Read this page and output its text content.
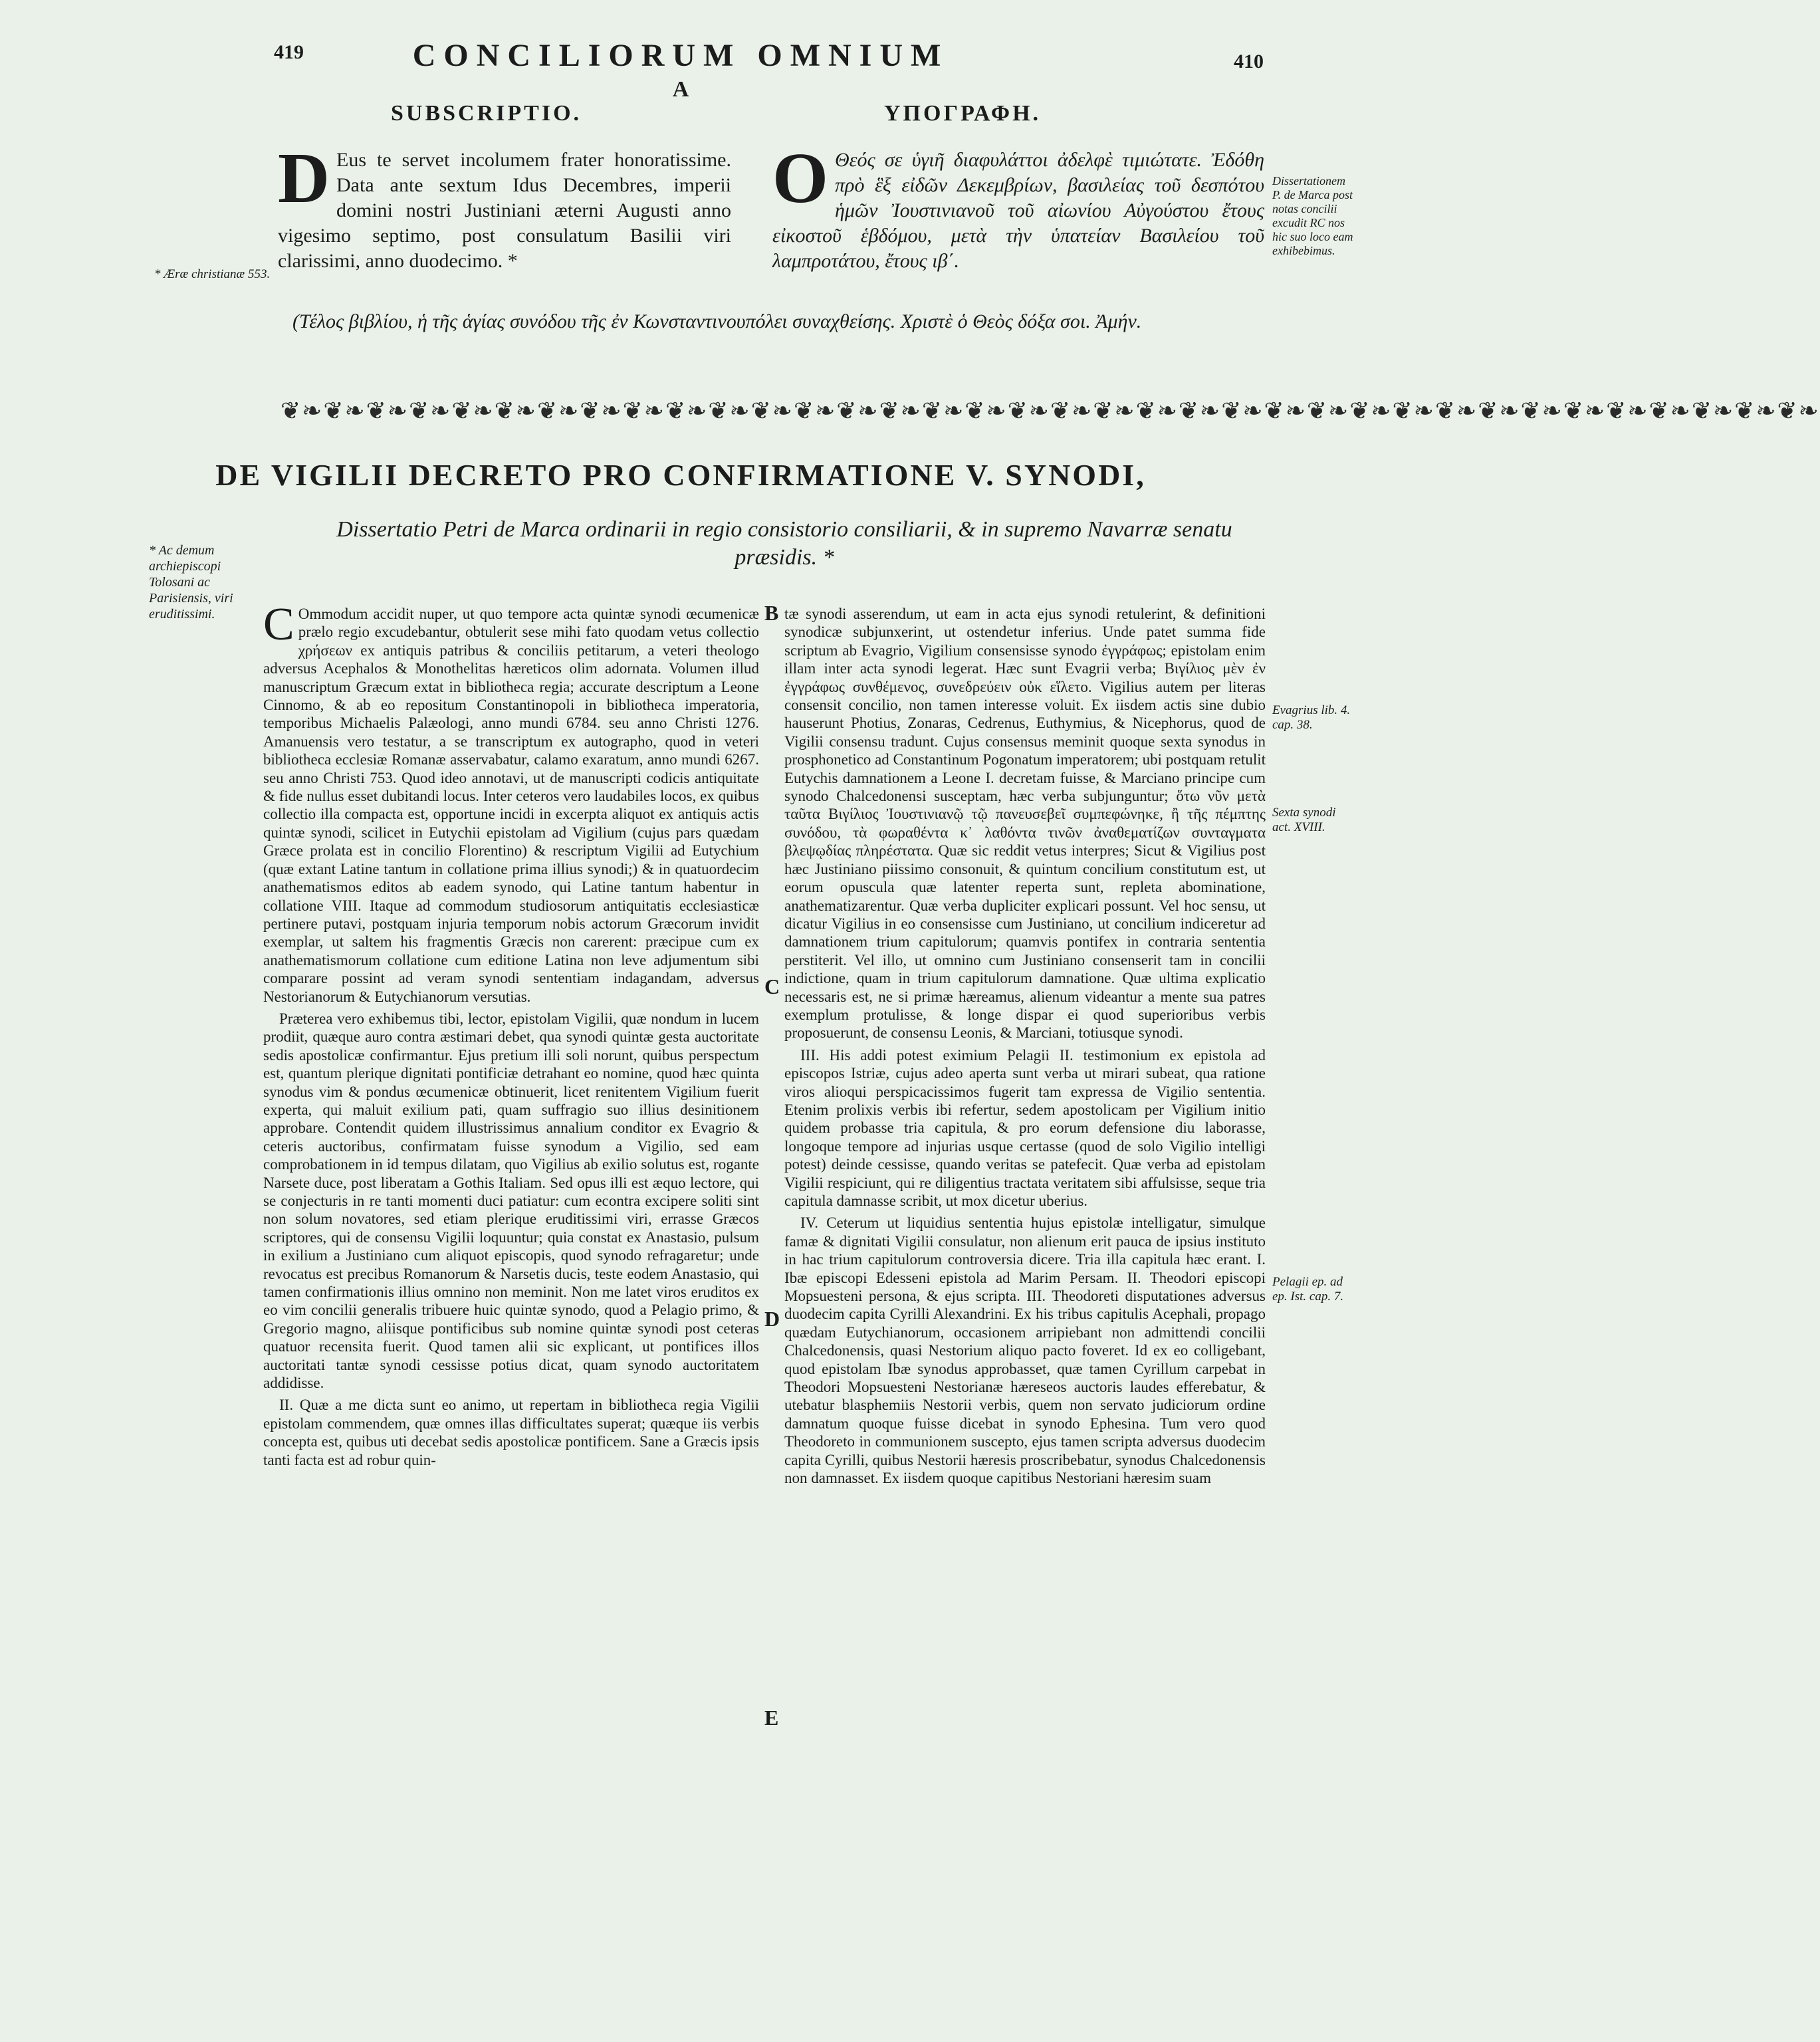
419	CONCILIORUM OMNIUM	410
A
SUBSCRIPTIO.	ΥΠΟΓΡΑΦΗ.
* Æræ christianæ 553.
D Eus te servet incolumem frater honoratissime. Data ante sextum Idus Decembres, imperii domini nostri Justiniani æterni Augusti anno vigesimo septimo, post consulatum Basilii viri clarissimi, anno duodecimo. *
Ο Θεός σε ὑγιῆ διαφυλάττοι ἀδελφὲ τιμιώτατε. Ἐδόθη πρὸ ἓξ εἰδῶν Δεκεμβρίων, βασιλείας τοῦ δεσπότου ἡμῶν Ἰουστινιανοῦ τοῦ αἰωνίου Αὐγούστου ἔτους εἰκοστοῦ ἑβδόμου, μετὰ τὴν ὑπατείαν Βασιλείου τοῦ λαμπροτάτου, ἔτους ιβ΄.
Dissertationem P. de Marca post notas concilii excudit RC nos hic suo loco eam exhibebimus.
(Τέλος βιβλίου, ἡ τῆς ἁγίας συνόδου τῆς ἐν Κωνσταντινουπόλει συναχθείσης. Χριστὲ ὁ Θεὸς δόξα σοι. Ἀμήν.
❦❧❦❧❦❧❦❧❦❧❦❧❦❧❦❧❦❧❦❧❦❧❦❧❦❧❦❧❦❧❦❧❦❧❦❧❦❧❦❧❦❧❦❧❦❧❦❧❦❧❦❧❦❧❦❧❦❧❦❧❦❧❦❧❦❧❦❧❦❧❦❧
DE VIGILII DECRETO PRO CONFIRMATIONE V. SYNODI,
* Ac demum archiepiscopi Tolosani ac Parisiensis, viri eruditissimi.
Dissertatio Petri de Marca ordinarii in regio consistorio consiliarii, & in supremo Navarræ senatu præsidis. *

C Ommodum accidit nuper, ut quo tempore acta quintæ synodi œcumenicæ prælo regio excudebantur, obtulerit sese mihi fato quodam vetus collectio χρήσεων ex antiquis patribus & conciliis petitarum, a veteri theologo adversus Acephalos & Monothelitas hæreticos olim adornata. Volumen illud manuscriptum Græcum extat in bibliotheca regia; accurate descriptum a Leone Cinnomo, & ab eo repositum Constantinopoli in bibliotheca imperatoria, temporibus Michaelis Palæologi, anno mundi 6784. seu anno Christi 1276. Amanuensis vero testatur, a se transcriptum ex autographo, quod in veteri bibliotheca ecclesiæ Romanæ asservabatur, calamo exaratum, anno mundi 6267. seu anno Christi 753. Quod ideo annotavi, ut de manuscripti codicis antiquitate & fide nullus esset dubitandi locus. Inter ceteros vero laudabiles locos, ex quibus collectio illa compacta est, opportune incidi in excerpta aliquot ex antiquis actis quintæ synodi, scilicet in Eutychii epistolam ad Vigilium (cujus pars quædam Græce prolata est in concilio Florentino) & rescriptum Vigilii ad Eutychium (quæ extant Latine tantum in collatione prima illius synodi;) & in quatuordecim anathematismos editos ab eadem synodo, qui Latine tantum habentur in collatione VIII. Itaque ad commodum studiosorum antiquitatis ecclesiasticæ pertinere putavi, postquam injuria temporum nobis actorum Græcorum invidit exemplar, ut saltem his fragmentis Græcis non carerent: præcipue cum ex anathematismorum collatione cum editione Latina non leve adjumentum sibi comparare possint ad veram synodi sententiam indagandam, adversus Nestorianorum & Eutychianorum versutias.

Præterea vero exhibemus tibi, lector, epistolam Vigilii, quæ nondum in lucem prodiit, quæque auro contra æstimari debet, qua synodi quintæ gesta auctoritate sedis apostolicæ confirmantur. Ejus pretium illi soli norunt, quibus perspectum est, quantum plerique dignitati pontificiæ detrahant eo nomine, quod hæc quinta synodus vim & pondus œcumenicæ obtinuerit, licet renitentem Vigilium fuerit experta, qui maluit exilium pati, quam suffragio suo illius desinitionem approbare. Contendit quidem illustrissimus annalium conditor ex Evagrio & ceteris auctoribus, confirmatam fuisse synodum a Vigilio, sed eam comprobationem in id tempus dilatam, quo Vigilius ab exilio solutus est, rogante Narsete duce, post liberatam a Gothis Italiam. Sed opus illi est æquo lectore, qui se conjecturis in re tanti momenti duci patiatur: cum econtra excipere soliti sint non solum novatores, sed etiam plerique eruditissimi viri, errasse Græcos scriptores, qui de consensu Vigilii loquuntur; quia constat ex Anastasio, pulsum in exilium a Justiniano cum aliquot episcopis, quod synodo refragaretur; unde revocatus est precibus Romanorum & Narsetis ducis, teste eodem Anastasio, qui tamen confirmationis illius omnino non meminit. Non me latet viros eruditos ex eo vim concilii generalis tribuere huic quintæ synodo, quod a Pelagio primo, & Gregorio magno, aliisque pontificibus sub nomine quintæ synodi post ceteras quatuor recensita fuerit. Quod tamen alii sic explicant, ut pontifices illos auctoritati tantæ synodi cessisse potius dicat, quam synodo auctoritatem addidisse.

II. Quæ a me dicta sunt eo animo, ut repertam in bibliotheca regia Vigilii epistolam commendem, quæ omnes illas difficultates superat; quæque iis verbis concepta est, quibus uti decebat sedis apostolicæ pontificem. Sane a Græcis ipsis tanti facta est ad robur quin-

B
C
D
E

tæ synodi asserendum, ut eam in acta ejus synodi retulerint, & definitioni synodicæ subjunxerint, ut ostendetur inferius. Unde patet summa fide scriptum ab Evagrio, Vigilium consensisse synodo ἐγγράφως; epistolam enim illam inter acta synodi legerat. Hæc sunt Evagrii verba; Βιγίλιος μὲν ἐν ἐγγράφως συνθέμενος, συνεδρεύειν οὐκ εἵλετο. Vigilius autem per literas consensit concilio, non tamen interesse voluit. Ex iisdem actis sine dubio hauserunt Photius, Zonaras, Cedrenus, Euthymius, & Nicephorus, quod de Vigilii consensu tradunt. Cujus consensus meminit quoque sexta synodus in prosphonetico ad Constantinum Pogonatum imperatorem; ubi postquam retulit Eutychis damnationem a Leone I. decretam fuisse, & Marciano principe cum synodo Chalcedonensi susceptam, hæc verba subjunguntur; ὅτω νῦν μετὰ ταῦτα Βιγίλιος Ἰουστινιανῷ τῷ πανευσεβεῖ συμπεφώνηκε, ἢ τῆς πέμπτης συνόδου, τὰ φωραθέντα κ᾽ λαθόντα τινῶν ἀναθεματίζων συνταγματα βλεψῳδίας πληρέστατα. Quæ sic reddit vetus interpres; Sicut & Vigilius post hæc Justiniano piissimo consonuit, & quintum concilium constitutum est, ut eorum opuscula quæ latenter reperta sunt, repleta abominatione, anathematizarentur. Quæ verba dupliciter explicari possunt. Vel hoc sensu, ut dicatur Vigilius in eo consensisse cum Justiniano, ut concilium indiceretur ad damnationem trium capitulorum; quamvis pontifex in contraria sententia perstiterit. Vel illo, ut omnino cum Justiniano consenserit tam in concilii indictione, quam in trium capitulorum damnatione. Quæ ultima explicatio necessaris est, ne si primæ hæreamus, alienum videantur a mente sua patres exemplum protulisse, & longe dispar ei quod superioribus verbis proposuerunt, de consensu Leonis, & Marciani, totiusque synodi.

III. His addi potest eximium Pelagii II. testimonium ex epistola ad episcopos Istriæ, cujus adeo aperta sunt verba ut mirari subeat, qua ratione viros alioqui perspicacissimos fugerit tam expressa de Vigilio sententia. Etenim prolixis verbis ibi refertur, sedem apostolicam per Vigilium initio quidem probasse tria capitula, & pro eorum defensione diu laborasse, longoque tempore ad injurias usque certasse (quod de solo Vigilio intelligi potest) deinde cessisse, quando veritas se patefecit. Quæ verba ad epistolam Vigilii respiciunt, qui re diligentius tractata veritatem sibi affulsisse, seque tria capitula damnasse scribit, ut mox dicetur uberius.

IV. Ceterum ut liquidius sententia hujus epistolæ intelligatur, simulque famæ & dignitati Vigilii consulatur, non alienum erit pauca de ipsius instituto in hac trium capitulorum controversia dicere. Tria illa capitula hæc erant. I. Ibæ episcopi Edesseni epistola ad Marim Persam. II. Theodori episcopi Mopsuesteni persona, & ejus scripta. III. Theodoreti disputationes adversus duodecim capita Cyrilli Alexandrini. Ex his tribus capitulis Acephali, propago quædam Eutychianorum, occasionem arripiebant non admittendi concilii Chalcedonensis, quasi Nestorium aliquo pacto foveret. Id ex eo colligebant, quod epistolam Ibæ synodus approbasset, quæ tamen Cyrillum carpebat in Theodori Mopsuesteni Nestorianæ hæreseos auctoris laudes efferebatur, & utebatur blasphemiis Nestorii verbis, quem non servato judiciorum ordine damnatum quoque fuisse dicebat in synodo Ephesina. Tum vero quod Theodoreto in communionem suscepto, ejus tamen scripta adversus duodecim capita Cyrilli, quibus Nestorii hæresis proscribebatur, synodus Chalcedonensis non damnasset. Ex iisdem quoque capitibus Nestoriani hæresim suam

Evagrius lib. 4. cap. 38.
Sexta synodi act. XVIII.
Pelagii ep. ad ep. Ist. cap. 7.
